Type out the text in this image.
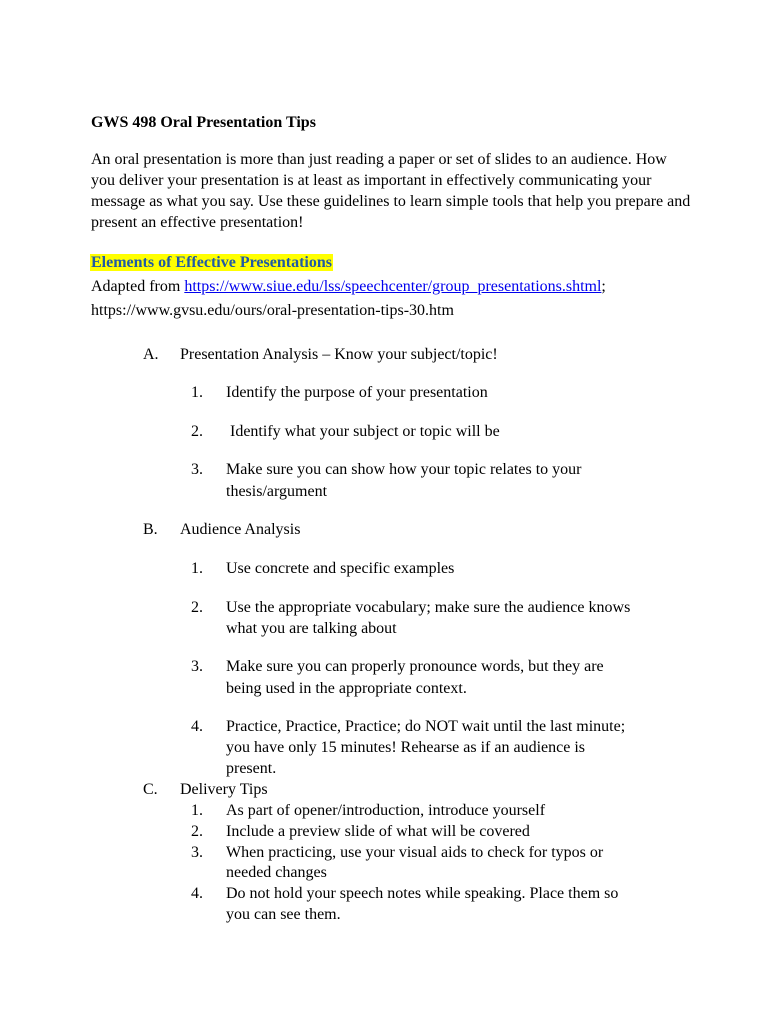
GWS 498 Oral Presentation Tips
An oral presentation is more than just reading a paper or set of slides to an audience. How you deliver your presentation is at least as important in effectively communicating your message as what you say. Use these guidelines to learn simple tools that help you prepare and present an effective presentation!
Elements of Effective Presentations
Adapted from https://www.siue.edu/lss/speechcenter/group_presentations.shtml;
https://www.gvsu.edu/ours/oral-presentation-tips-30.htm
A. Presentation Analysis – Know your subject/topic!
1. Identify the purpose of your presentation
2. Identify what your subject or topic will be
3. Make sure you can show how your topic relates to your
thesis/argument
B. Audience Analysis
1. Use concrete and specific examples
2. Use the appropriate vocabulary; make sure the audience knows
what you are talking about
3. Make sure you can properly pronounce words, but they are
being used in the appropriate context.
4. Practice, Practice, Practice; do NOT wait until the last minute;
you have only 15 minutes! Rehearse as if an audience is
present.
C. Delivery Tips
1. As part of opener/introduction, introduce yourself
2. Include a preview slide of what will be covered
3. When practicing, use your visual aids to check for typos or
needed changes
4. Do not hold your speech notes while speaking. Place them so
you can see them.
